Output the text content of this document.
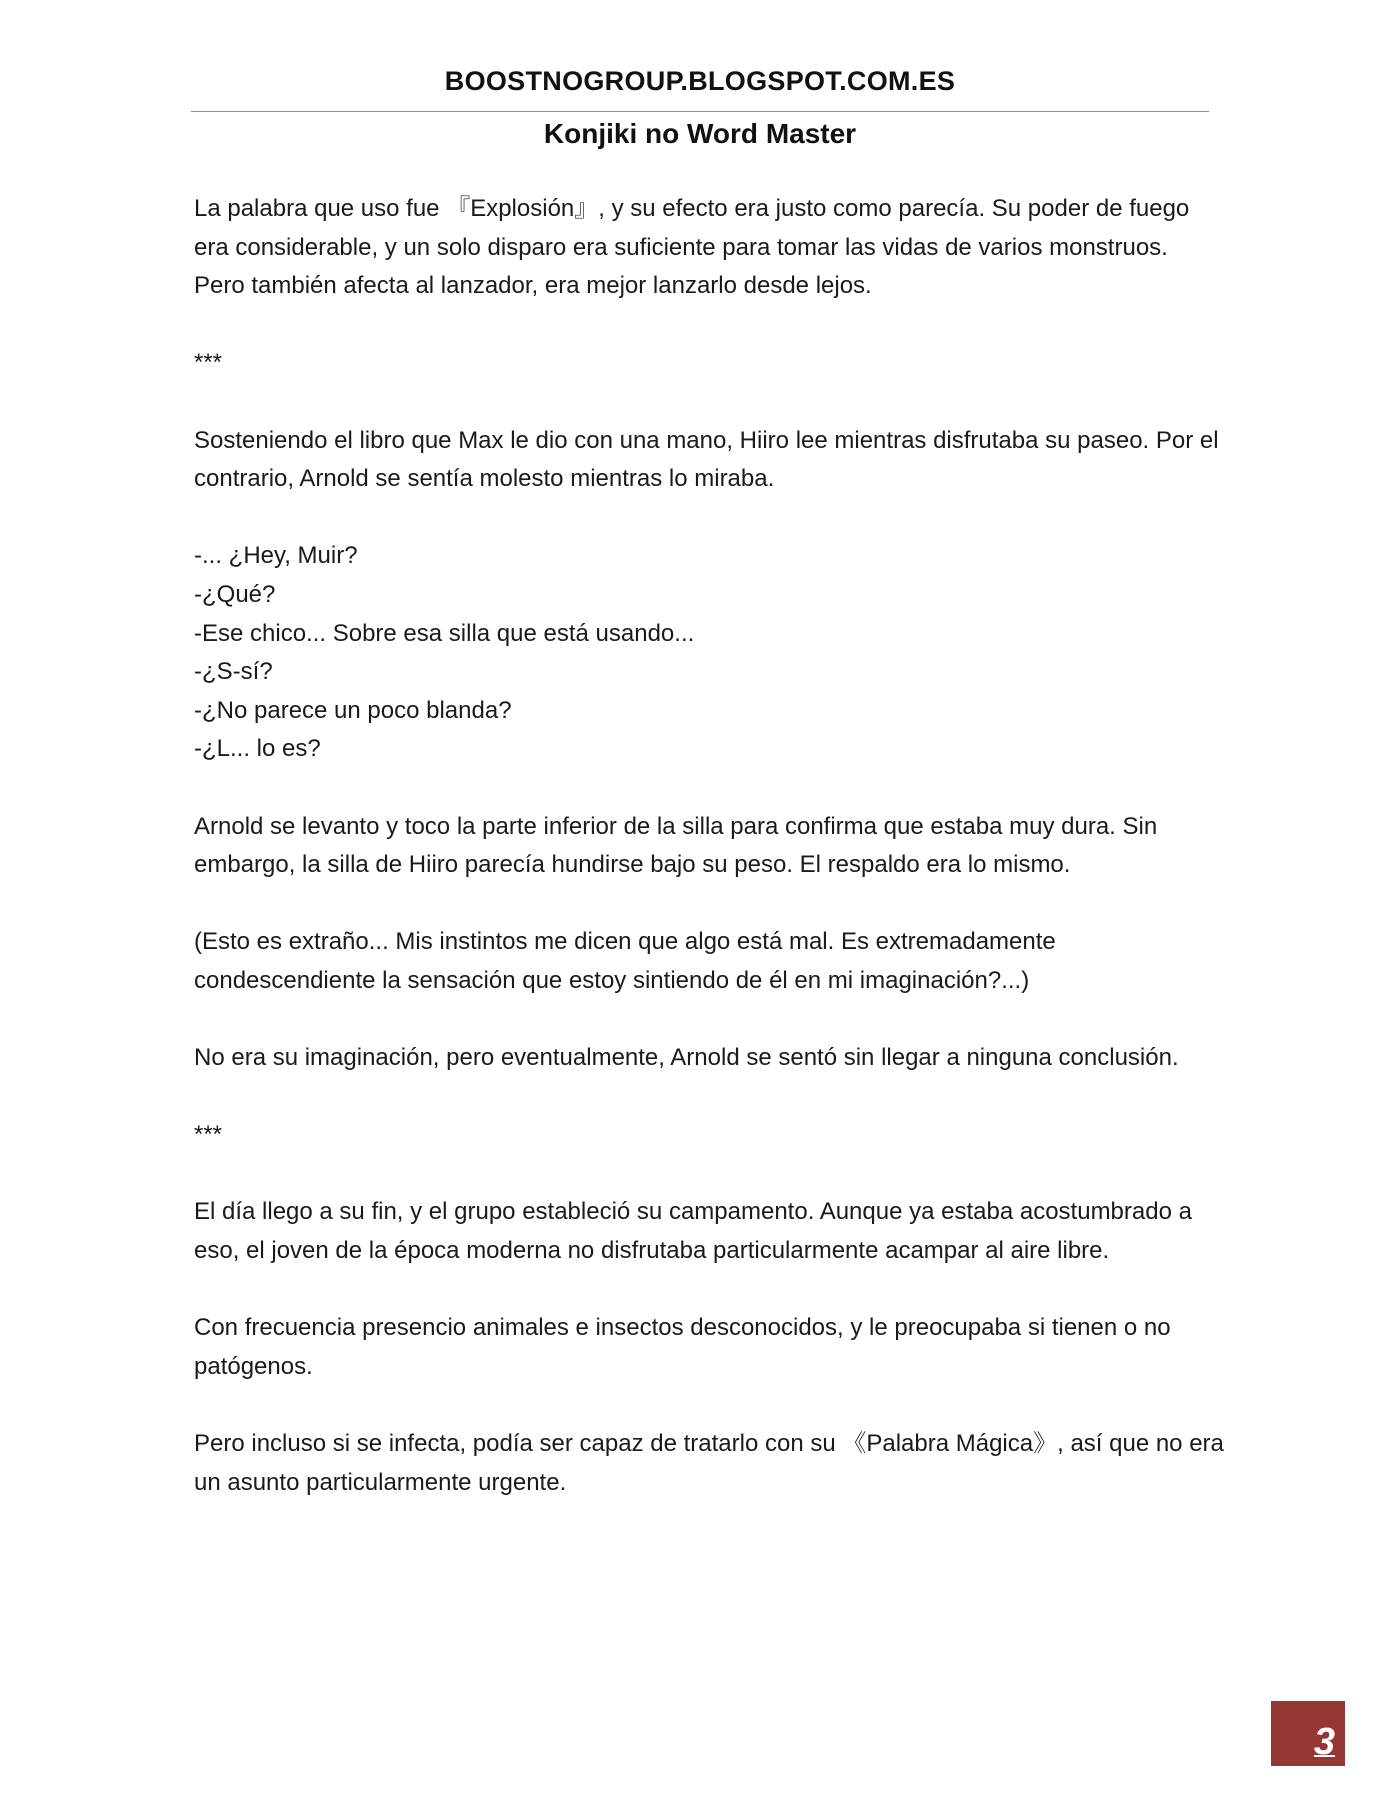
BOOSTNOGROUP.BLOGSPOT.COM.ES
Konjiki no Word Master

La palabra que uso fue 『Explosión』, y su efecto era justo como parecía. Su poder de fuego era considerable, y un solo disparo era suficiente para tomar las vidas de varios monstruos. Pero también afecta al lanzador, era mejor lanzarlo desde lejos.

***

Sosteniendo el libro que Max le dio con una mano, Hiiro lee mientras disfrutaba su paseo. Por el contrario, Arnold se sentía molesto mientras lo miraba.

-... ¿Hey, Muir?

-¿Qué?

-Ese chico... Sobre esa silla que está usando...

-¿S-sí?

-¿No parece un poco blanda?

-¿L... lo es?

Arnold se levanto y toco la parte inferior de la silla para confirma que estaba muy dura. Sin embargo, la silla de Hiiro parecía hundirse bajo su peso. El respaldo era lo mismo.

(Esto es extraño... Mis instintos me dicen que algo está mal. Es extremadamente condescendiente la sensación que estoy sintiendo de él en mi imaginación?...)

No era su imaginación, pero eventualmente, Arnold se sentó sin llegar a ninguna conclusión.

***

El día llego a su fin, y el grupo estableció su campamento. Aunque ya estaba acostumbrado a eso, el joven de la época moderna no disfrutaba particularmente acampar al aire libre.

Con frecuencia presencio animales e insectos desconocidos, y le preocupaba si tienen o no patógenos.

Pero incluso si se infecta, podía ser capaz de tratarlo con su 《Palabra Mágica》, así que no era un asunto particularmente urgente.

3
